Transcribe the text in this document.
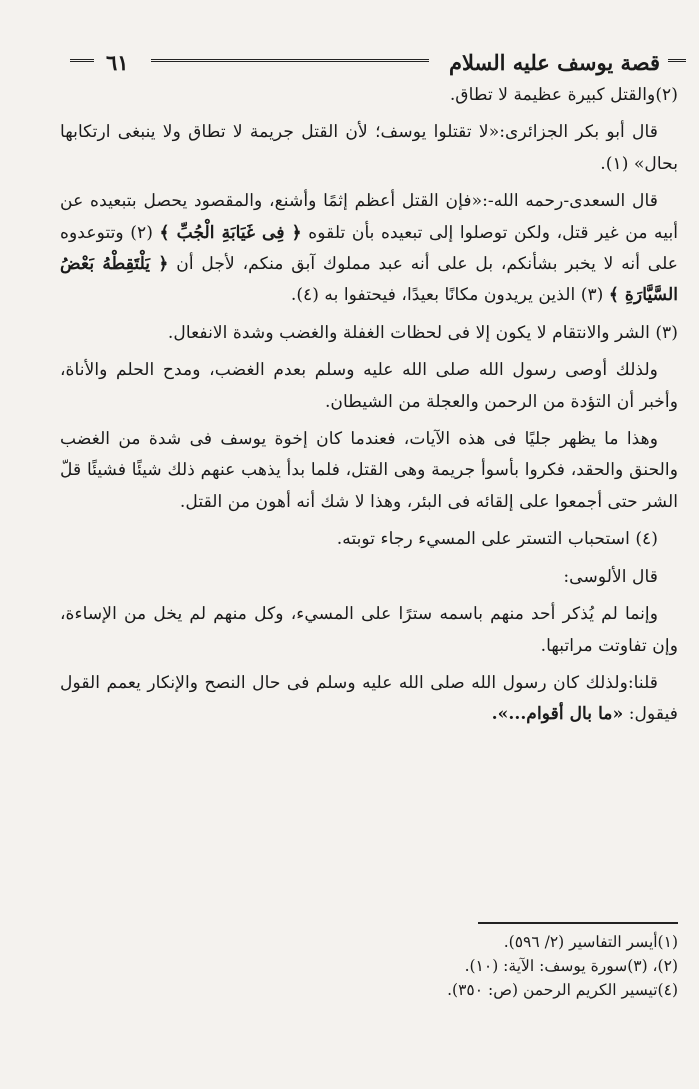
قصة يوسف عليه السلام
٦١

(٢)والقتل كبيرة عظيمة لا تطاق.

قال أبو بكر الجزائرى:«لا تقتلوا يوسف؛ لأن القتل جريمة لا تطاق ولا ينبغى ارتكابها بحال» (١).

قال السعدى-رحمه الله-:«فإن القتل أعظم إثمًا وأشنع، والمقصود يحصل بتبعيده عن أبيه من غير قتل، ولكن توصلوا إلى تبعيده بأن تلقوه ﴿ فِى غَيَابَةِ الْجُبِّ ﴾ (٢) وتتوعدوه على أنه لا يخبر بشأنكم، بل على أنه عبد مملوك آبق منكم، لأجل أن ﴿ يَلْتَقِطْهُ بَعْضُ السَّيَّارَةِ ﴾ (٣) الذين يريدون مكانًا بعيدًا، فيحتفوا به (٤).

(٣) الشر والانتقام لا يكون إلا فى لحظات الغفلة والغضب وشدة الانفعال.

ولذلك أوصى رسول الله صلى الله عليه وسلم بعدم الغضب، ومدح الحلم والأناة، وأخبر أن التؤدة من الرحمن والعجلة من الشيطان.

وهذا ما يظهر جليًا فى هذه الآيات، فعندما كان إخوة يوسف فى شدة من الغضب والحنق والحقد، فكروا بأسوأ جريمة وهى القتل، فلما بدأ يذهب عنهم ذلك شيئًا فشيئًا قلّ الشر حتى أجمعوا على إلقائه فى البئر، وهذا لا شك أنه أهون من القتل.

(٤) استحباب التستر على المسيء رجاء توبته.

قال الألوسى:

وإنما لم يُذكر أحد منهم باسمه سترًا على المسيء، وكل منهم لم يخل من الإساءة، وإن تفاوتت مراتبها.

قلنا:ولذلك كان رسول الله صلى الله عليه وسلم فى حال النصح والإنكار يعمم القول فيقول: «ما بال أقوام...».

(١)أيسر التفاسير (٢/ ٥٩٦).
(٢)، (٣)سورة يوسف: الآية: (١٠).
(٤)تيسير الكريم الرحمن (ص: ٣٥٠).
